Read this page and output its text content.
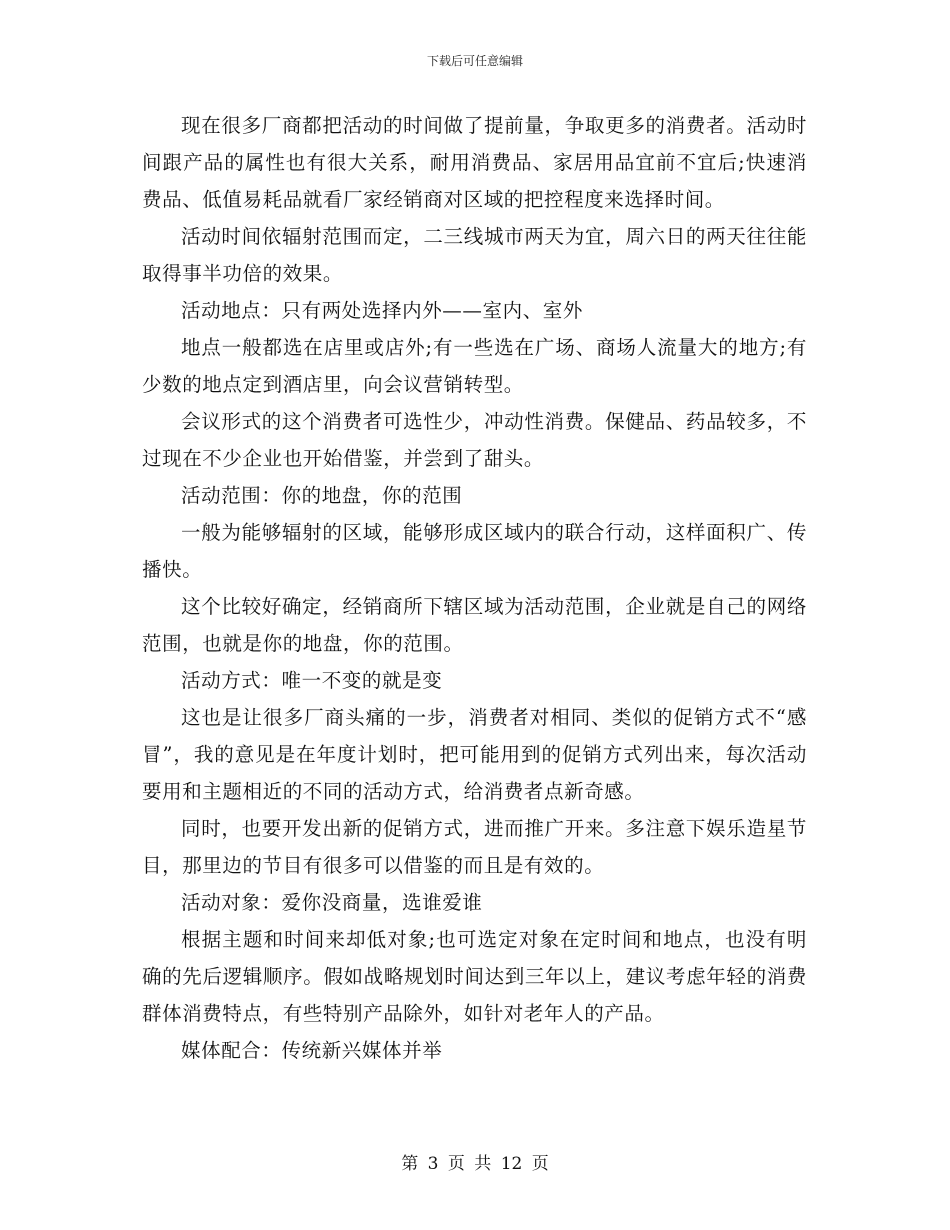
下载后可任意编辑

现在很多厂商都把活动的时间做了提前量，争取更多的消费者。活动时间跟产品的属性也有很大关系，耐用消费品、家居用品宜前不宜后;快速消费品、低值易耗品就看厂家经销商对区域的把控程度来选择时间。

活动时间依辐射范围而定，二三线城市两天为宜，周六日的两天往往能取得事半功倍的效果。

活动地点：只有两处选择内外——室内、室外

地点一般都选在店里或店外;有一些选在广场、商场人流量大的地方;有少数的地点定到酒店里，向会议营销转型。

会议形式的这个消费者可选性少，冲动性消费。保健品、药品较多，不过现在不少企业也开始借鉴，并尝到了甜头。

活动范围：你的地盘，你的范围

一般为能够辐射的区域，能够形成区域内的联合行动，这样面积广、传播快。

这个比较好确定，经销商所下辖区域为活动范围，企业就是自己的网络范围，也就是你的地盘，你的范围。

活动方式：唯一不变的就是变

这也是让很多厂商头痛的一步，消费者对相同、类似的促销方式不“感冒”，我的意见是在年度计划时，把可能用到的促销方式列出来，每次活动要用和主题相近的不同的活动方式，给消费者点新奇感。

同时，也要开发出新的促销方式，进而推广开来。多注意下娱乐造星节目，那里边的节目有很多可以借鉴的而且是有效的。

活动对象：爱你没商量，选谁爱谁

根据主题和时间来却低对象;也可选定对象在定时间和地点，也没有明确的先后逻辑顺序。假如战略规划时间达到三年以上，建议考虑年轻的消费群体消费特点，有些特别产品除外，如针对老年人的产品。

媒体配合：传统新兴媒体并举

第 3 页 共 12 页
